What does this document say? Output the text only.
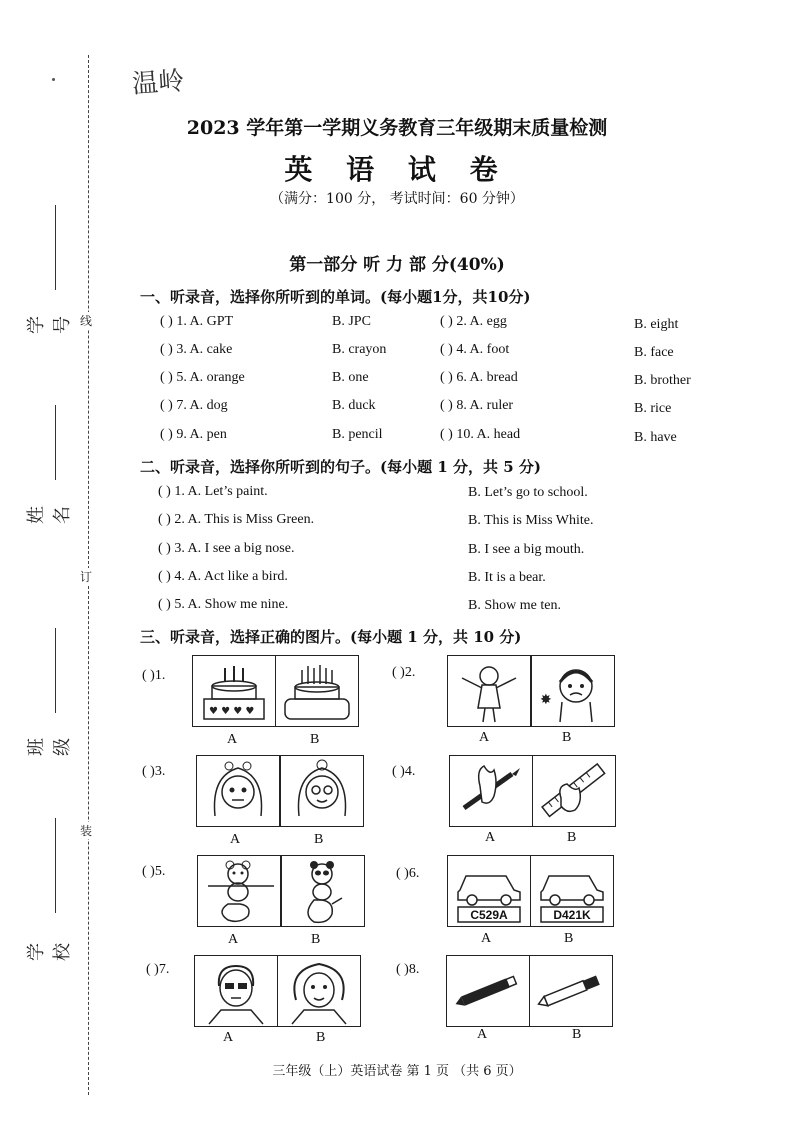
温岭
线
订
装
学号
姓名
班级
学校
2023 学年第一学期义务教育三年级期末质量检测
英 语 试 卷
（满分：100 分， 考试时间：60 分钟）
第一部分 听 力 部 分(40%)
一、听录音，选择你所听到的单词。(每小题1分，共10分)
( ) 1. A. GPT	B. JPC	( ) 2. A. egg	B. eight
( ) 3. A. cake	B. crayon	( ) 4. A. foot	B. face
( ) 5. A. orange	B. one	( ) 6. A. bread	B. brother
( ) 7. A. dog	B. duck	( ) 8. A. ruler	B. rice
( ) 9. A. pen	B. pencil	( ) 10. A. head	B. have
二、听录音，选择你所听到的句子。(每小题 1 分，共 5 分)
( ) 1. A. Let’s paint.	B. Let’s go to school.
( ) 2. A. This is Miss Green.	B. This is Miss White.
( ) 3. A. I see a big nose.	B. I see a big mouth.
( ) 4. A. Act like a bird.	B. It is a bear.
( ) 5. A. Show me nine.	B. Show me ten.
三、听录音，选择正确的图片。(每小题 1 分，共 10 分)
( )1.
♥ ♥ ♥ ♥
A	B
( )2.
✸
A	B
( )3.
A	B
( )4.
A	B
( )5.
A	B
( )6.
C529A	D421K
A	B
( )7.
A	B
( )8.
A	B
三年级（上）英语试卷 第 1 页 （共 6 页）
